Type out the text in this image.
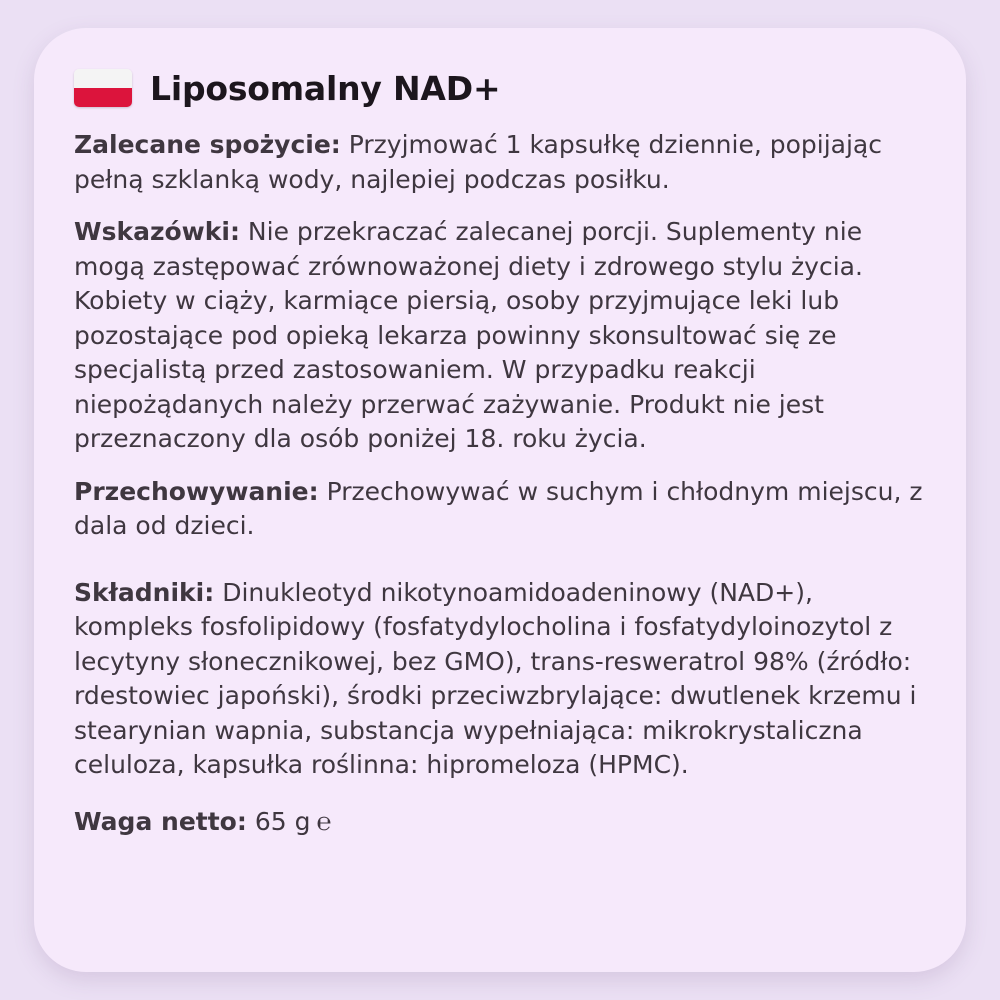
Liposomalny NAD+

Zalecane spożycie: Przyjmować 1 kapsułkę dziennie, popijając pełną szklanką wody, najlepiej podczas posiłku.

Wskazówki: Nie przekraczać zalecanej porcji. Suplementy nie mogą zastępować zrównoważonej diety i zdrowego stylu życia. Kobiety w ciąży, karmiące piersią, osoby przyjmujące leki lub pozostające pod opieką lekarza powinny skonsultować się ze specjalistą przed zastosowaniem. W przypadku reakcji niepożądanych należy przerwać zażywanie. Produkt nie jest przeznaczony dla osób poniżej 18. roku życia.

Przechowywanie: Przechowywać w suchym i chłodnym miejscu, z dala od dzieci.

Składniki: Dinukleotyd nikotynoamidoadeninowy (NAD+), kompleks fosfolipidowy (fosfatydylocholina i fosfatydyloinozytol z lecytyny słonecznikowej, bez GMO), trans-resweratrol 98% (źródło: rdestowiec japoński), środki przeciwzbrylające: dwutlenek krzemu i stearynian wapnia, substancja wypełniająca: mikrokrystaliczna celuloza, kapsułka roślinna: hipromeloza (HPMC).

Waga netto: 65 g ℮
